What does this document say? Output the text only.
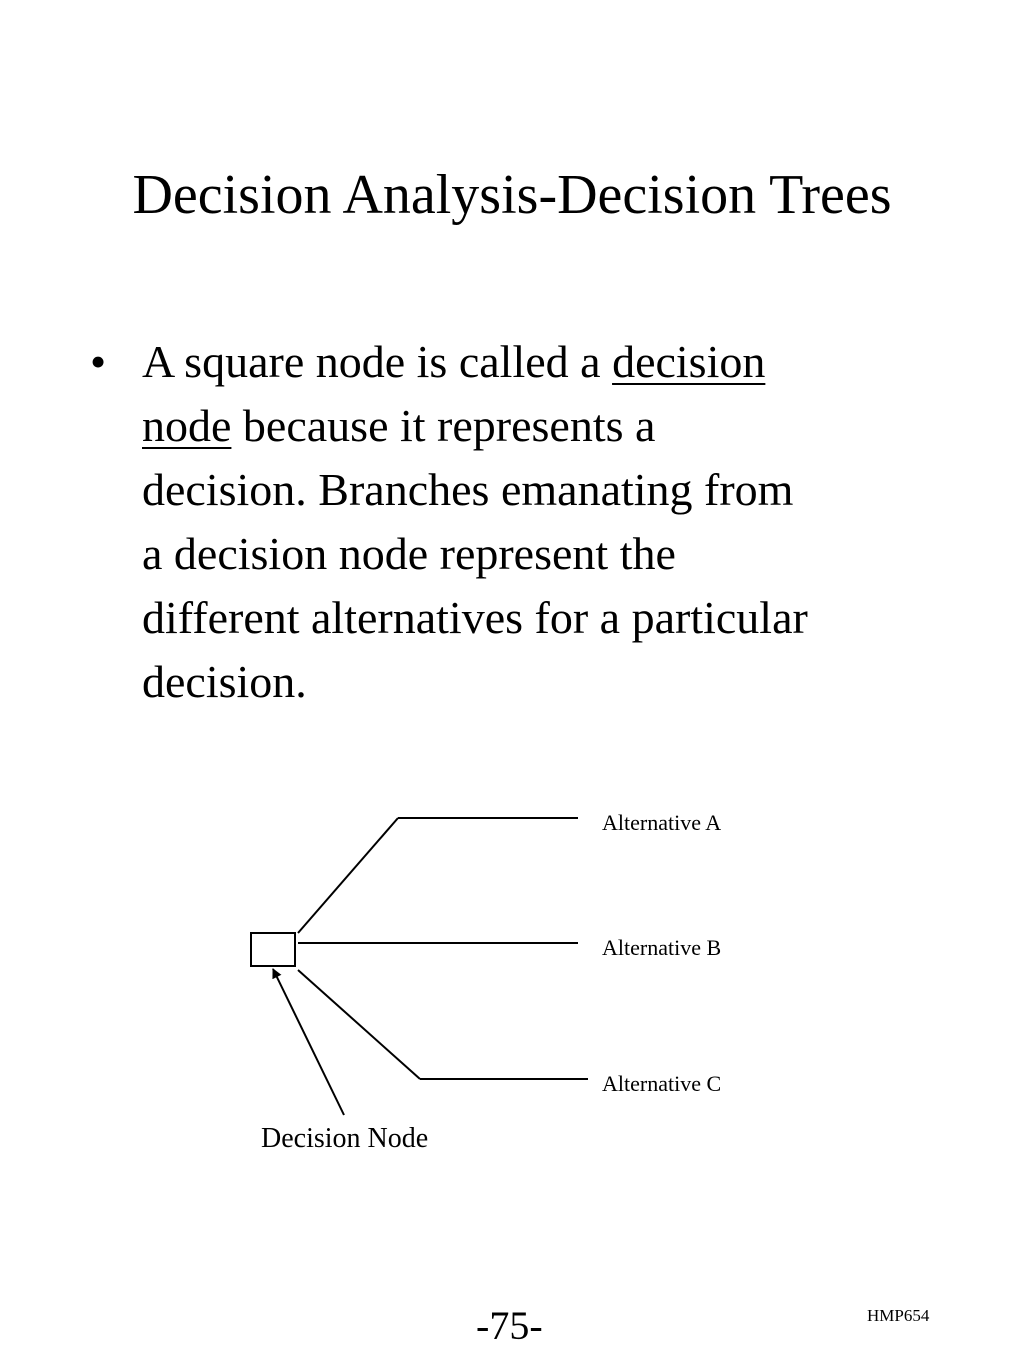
Decision Analysis-Decision Trees
• A square node is called a decision
node because it represents a
decision. Branches emanating from
a decision node represent the
different alternatives for a particular
decision.
Alternative A
Alternative B
Alternative C
Decision Node
-75-	HMP654
